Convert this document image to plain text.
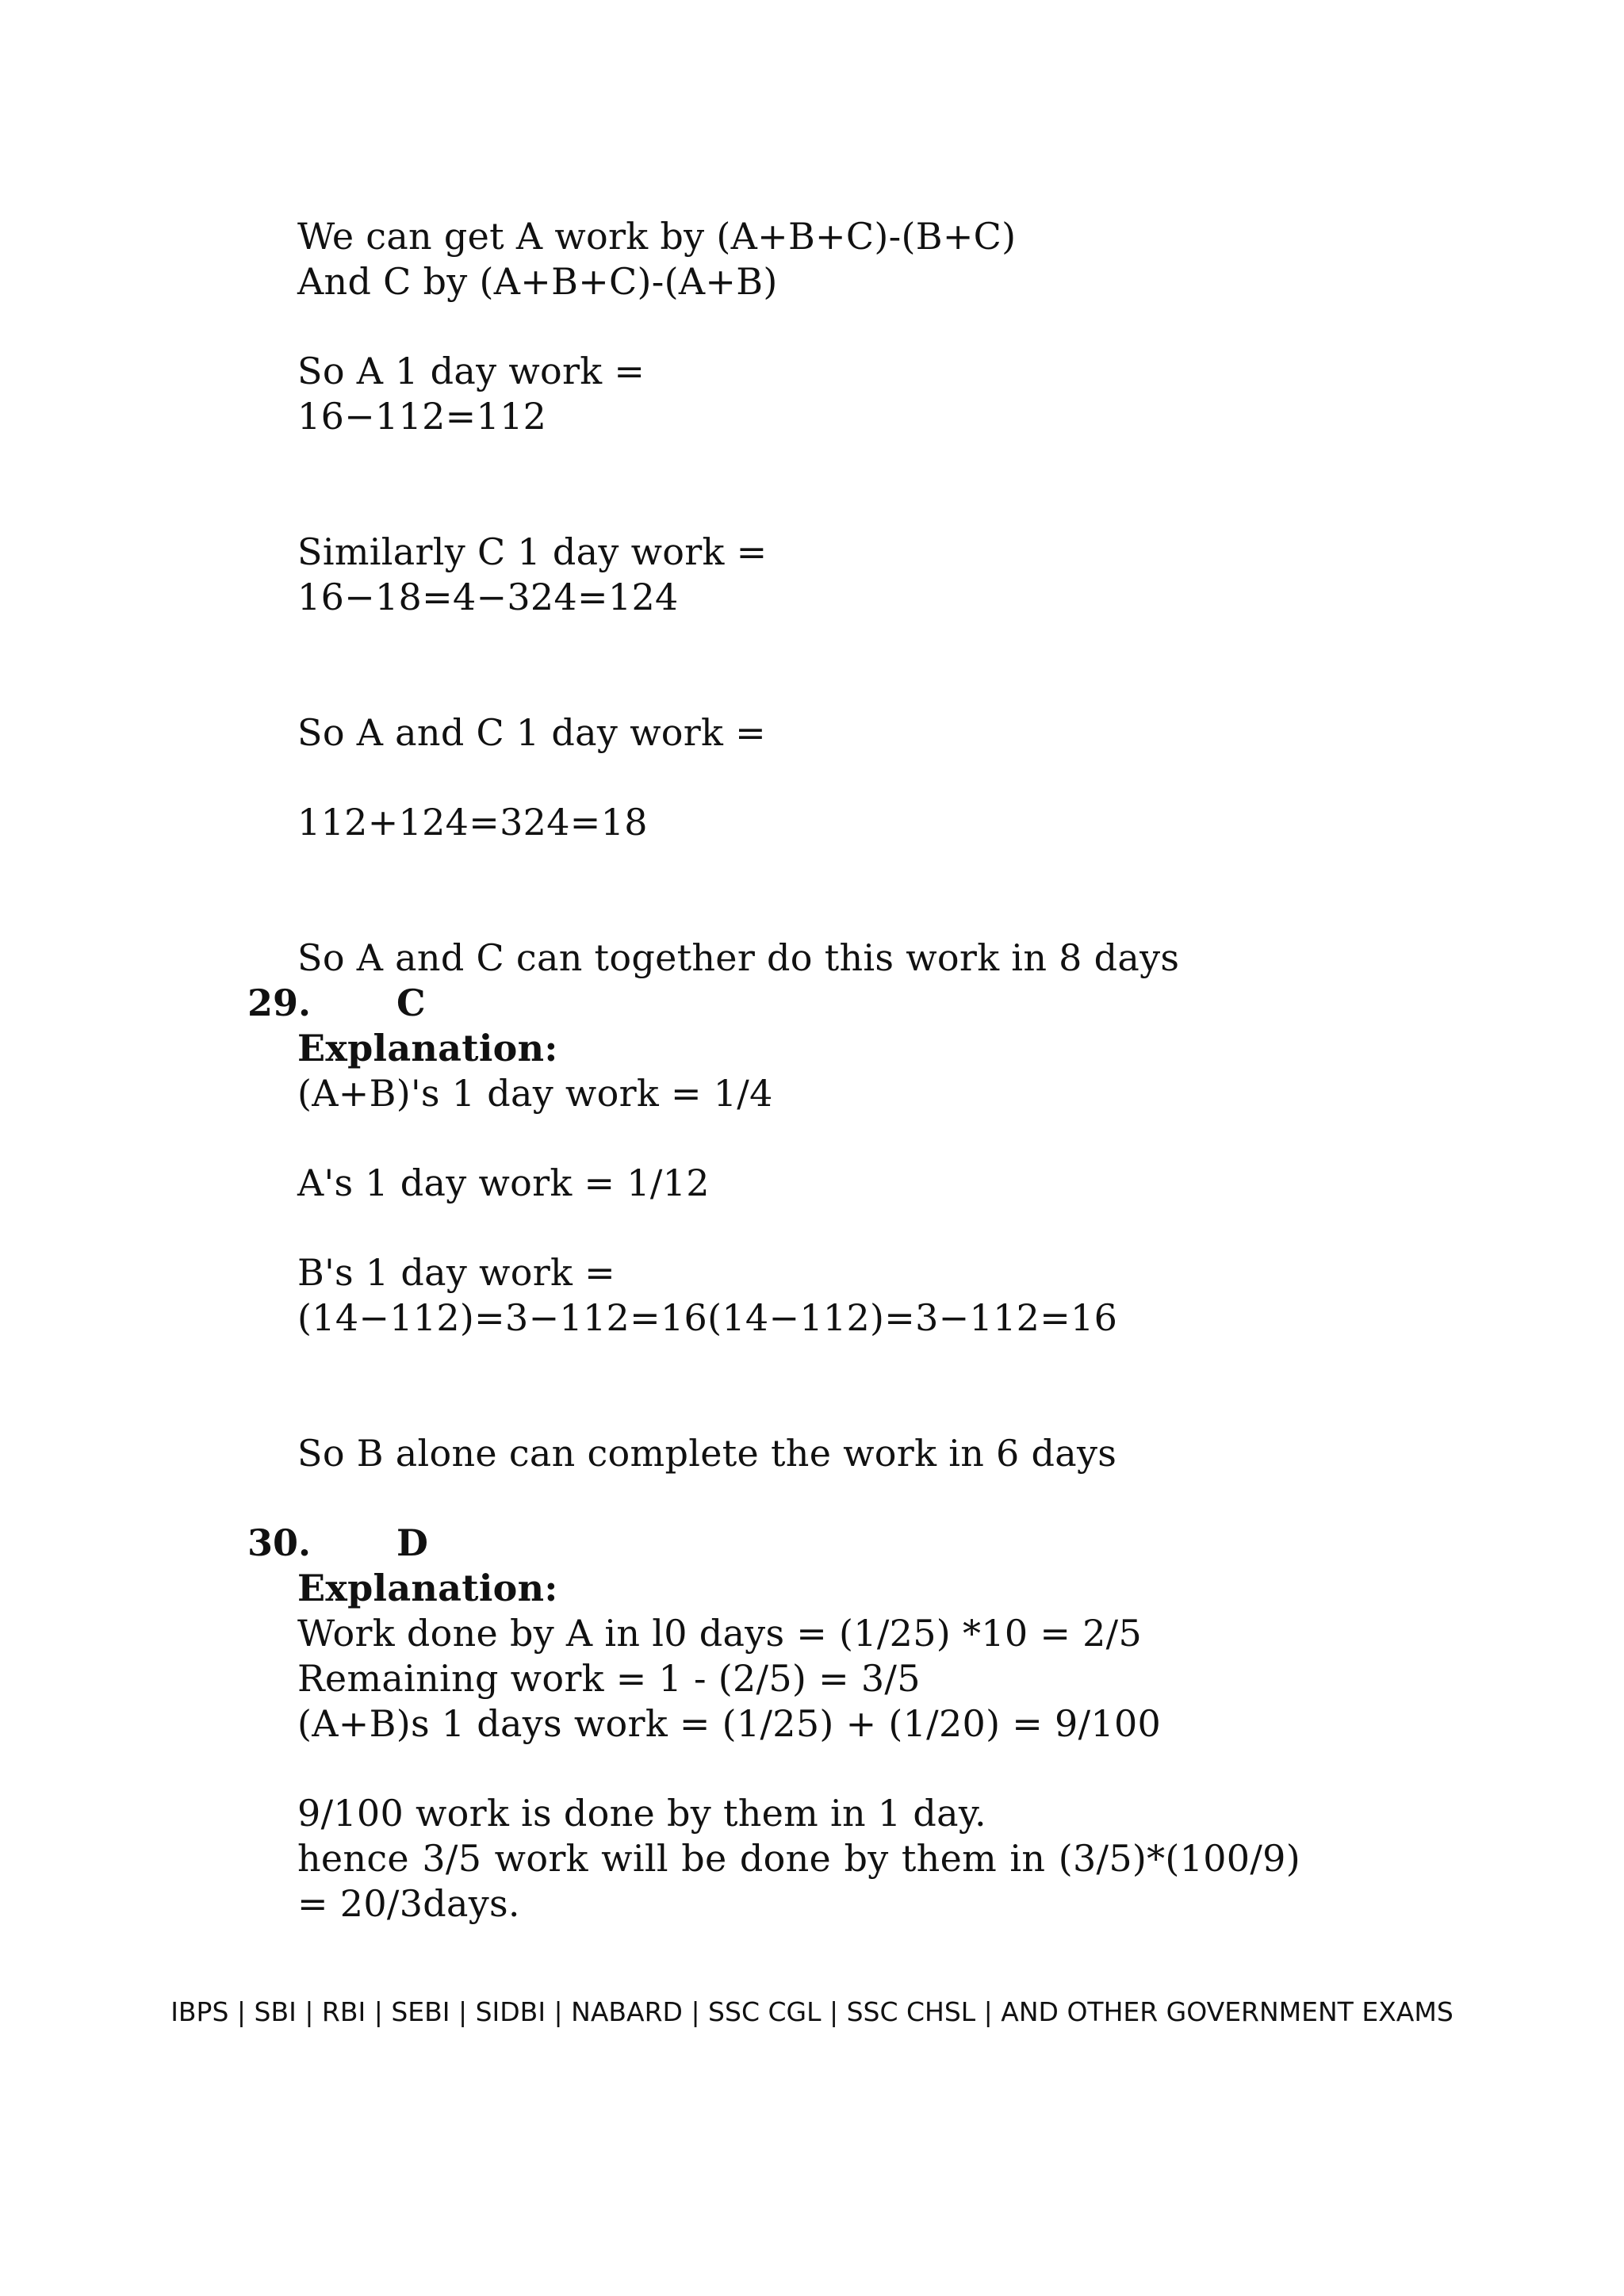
We can get A work by (A+B+C)-(B+C)
And C by (A+B+C)-(A+B)
So A 1 day work =
16−112=112
Similarly C 1 day work =
16−18=4−324=124
So A and C 1 day work =
112+124=324=18
So A and C can together do this work in 8 days
29. C
Explanation:
(A+B)'s 1 day work = 1/4
A's 1 day work = 1/12
B's 1 day work =
(14−112)=3−112=16(14−112)=3−112=16
So B alone can complete the work in 6 days
30. D
Explanation:
Work done by A in l0 days = (1/25) *10 = 2/5
Remaining work = 1 - (2/5) = 3/5
(A+B)s 1 days work = (1/25) + (1/20) = 9/100
9/100 work is done by them in 1 day.
hence 3/5 work will be done by them in (3/5)*(100/9)
= 20/3days.
IBPS | SBI | RBI | SEBI | SIDBI | NABARD | SSC CGL | SSC CHSL | AND OTHER GOVERNMENT EXAMS
